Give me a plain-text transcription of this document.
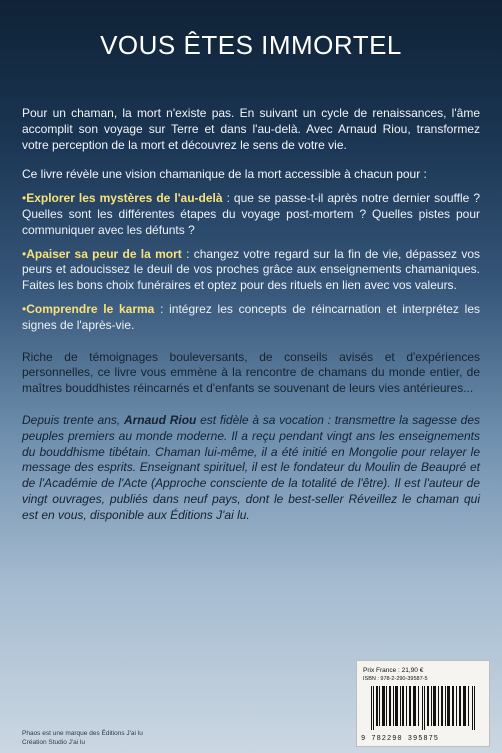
VOUS ÊTES IMMORTEL

Pour un chaman, la mort n'existe pas. En suivant un cycle de renaissances, l'âme accomplit son voyage sur Terre et dans l'au-delà. Avec Arnaud Riou, transformez votre perception de la mort et découvrez le sens de votre vie.

Ce livre révèle une vision chamanique de la mort accessible à chacun pour :

•Explorer les mystères de l'au-delà : que se passe-t-il après notre dernier souffle ? Quelles sont les différentes étapes du voyage post-mortem ? Quelles pistes pour communiquer avec les défunts ?

•Apaiser sa peur de la mort : changez votre regard sur la fin de vie, dépassez vos peurs et adoucissez le deuil de vos proches grâce aux enseignements chamaniques. Faites les bons choix funéraires et optez pour des rituels en lien avec vos valeurs.

•Comprendre le karma : intégrez les concepts de réincarnation et interprétez les signes de l'après-vie.

Riche de témoignages bouleversants, de conseils avisés et d'expériences personnelles, ce livre vous emmène à la rencontre de chamans du monde entier, de maîtres bouddhistes réincarnés et d'enfants se souvenant de leurs vies antérieures...

Depuis trente ans, Arnaud Riou est fidèle à sa vocation : transmettre la sagesse des peuples premiers au monde moderne. Il a reçu pendant vingt ans les enseignements du bouddhisme tibétain. Chaman lui-même, il a été initié en Mongolie pour relayer le message des esprits. Enseignant spirituel, il est le fondateur du Moulin de Beaupré et de l'Académie de l'Acte (Approche consciente de la totalité de l'être). Il est l'auteur de vingt ouvrages, publiés dans neuf pays, dont le best-seller Réveillez le chaman qui est en vous, disponible aux Éditions J'ai lu.

Phaos est une marque des Éditions J'ai lu
Création Studio J'ai lu
Prix France : 21,90 €
ISBN : 978-2-290-39587-5
9 782290 395875
